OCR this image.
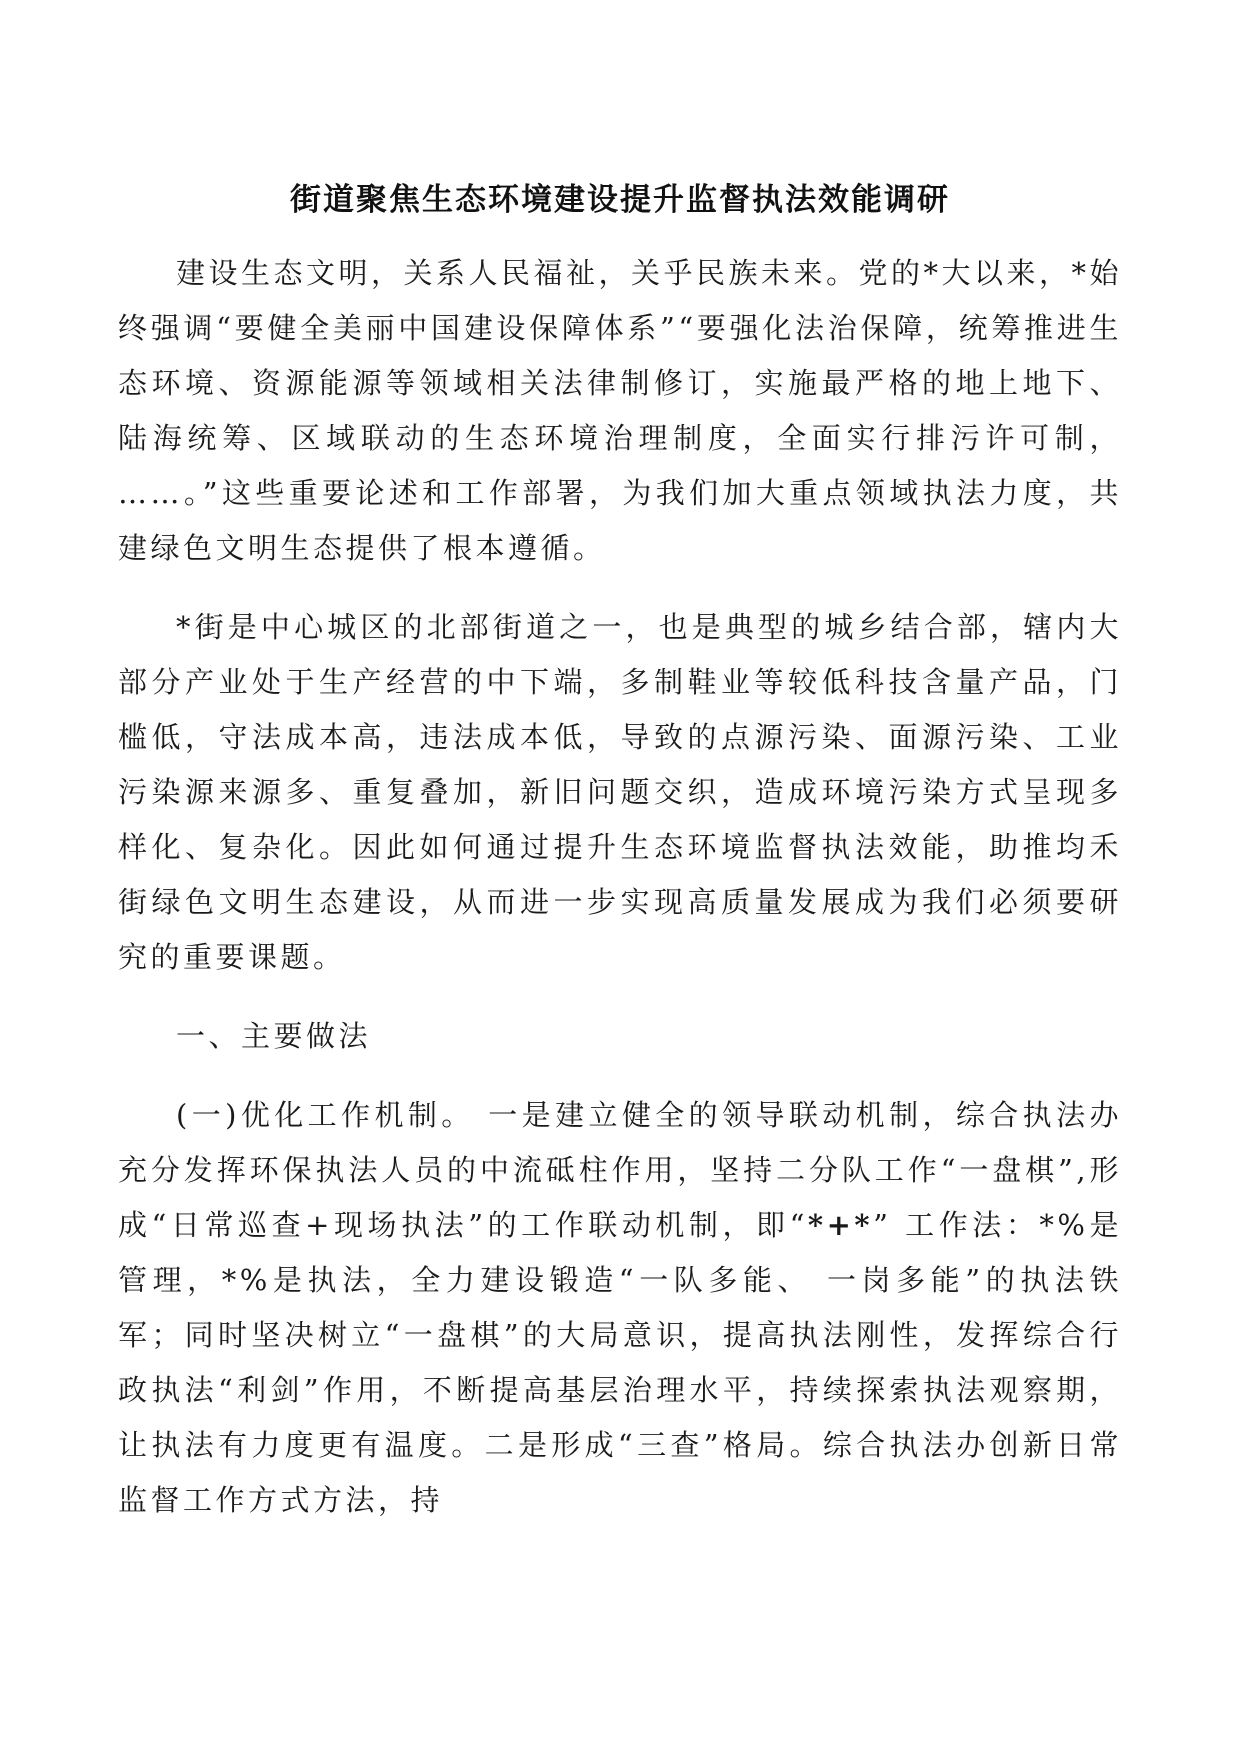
街道聚焦生态环境建设提升监督执法效能调研

建设生态文明，关系人民福祉，关乎民族未来。党的*大以来，*始终强调“要健全美丽中国建设保障体系”“要强化法治保障，统筹推进生态环境、资源能源等领域相关法律制修订，实施最严格的地上地下、陆海统筹、区域联动的生态环境治理制度，全面实行排污许可制， ……。”这些重要论述和工作部署，为我们加大重点领域执法力度，共建绿色文明生态提供了根本遵循。

*街是中心城区的北部街道之一，也是典型的城乡结合部，辖内大部分产业处于生产经营的中下端，多制鞋业等较低科技含量产品，门槛低，守法成本高，违法成本低，导致的点源污染、面源污染、工业污染源来源多、重复叠加，新旧问题交织，造成环境污染方式呈现多样化、复杂化。因此如何通过提升生态环境监督执法效能，助推均禾街绿色文明生态建设，从而进一步实现高质量发展成为我们必须要研究的重要课题。

一、主要做法

(一)优化工作机制。 一是建立健全的领导联动机制，综合执法办充分发挥环保执法人员的中流砥柱作用，坚持二分队工作“一盘棋”,形成“日常巡查+现场执法”的工作联动机制，即“*+*” 工作法：*%是管理，*%是执法，全力建设锻造“一队多能、 一岗多能”的执法铁军；同时坚决树立“一盘棋”的大局意识，提高执法刚性，发挥综合行政执法“利剑”作用，不断提高基层治理水平，持续探索执法观察期，让执法有力度更有温度。二是形成“三查”格局。综合执法办创新日常监督工作方式方法，持
